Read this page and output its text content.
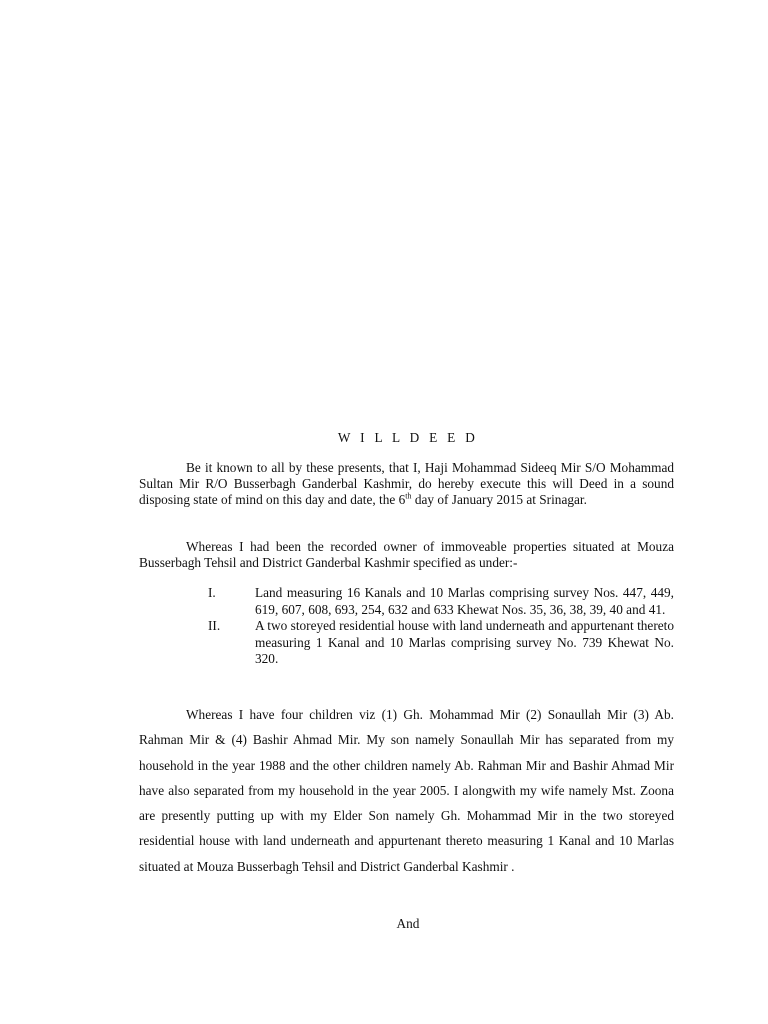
W I L L D E E D
Be it known to all by these presents, that I, Haji Mohammad Sideeq Mir S/O Mohammad Sultan Mir R/O Busserbagh Ganderbal Kashmir, do hereby execute this will Deed in a sound disposing state of mind on this day and date, the 6th day of January 2015 at Srinagar.
Whereas I had been the recorded owner of immoveable properties situated at Mouza Busserbagh Tehsil and District Ganderbal Kashmir specified as under:-
I.	Land measuring 16 Kanals and 10 Marlas comprising survey Nos. 447, 449, 619, 607, 608, 693, 254, 632 and 633 Khewat Nos. 35, 36, 38, 39, 40 and 41.
II.	A two storeyed residential house with land underneath and appurtenant thereto measuring 1 Kanal and 10 Marlas comprising survey No. 739 Khewat No. 320.
Whereas I have four children viz (1) Gh. Mohammad Mir (2) Sonaullah Mir (3) Ab. Rahman Mir & (4) Bashir Ahmad Mir. My son namely Sonaullah Mir has separated from my household in the year 1988 and the other children namely Ab. Rahman Mir and Bashir Ahmad Mir have also separated from my household in the year 2005. I alongwith my wife namely Mst. Zoona are presently putting up with my Elder Son namely Gh. Mohammad Mir in the two storeyed residential house with land underneath and appurtenant thereto measuring 1 Kanal and 10 Marlas situated at Mouza Busserbagh Tehsil and District Ganderbal Kashmir .
And
